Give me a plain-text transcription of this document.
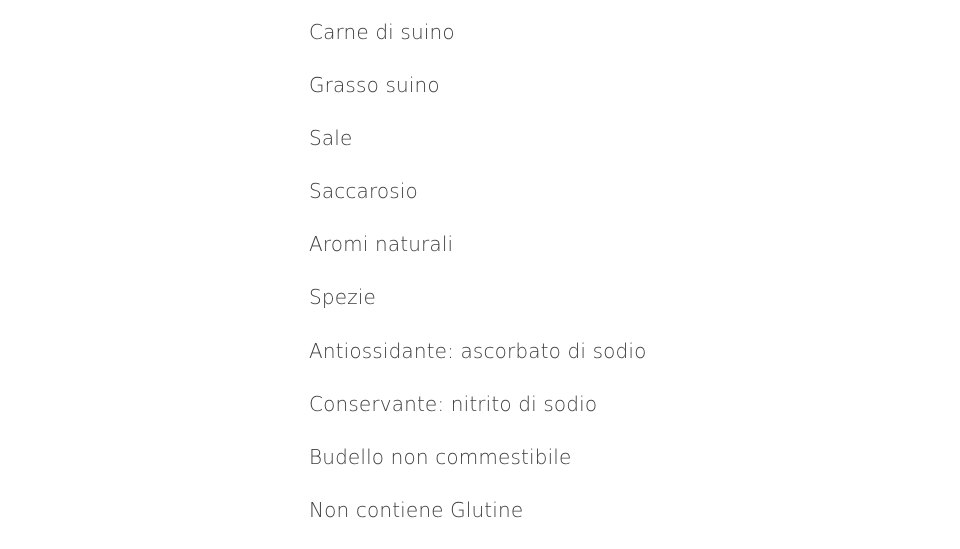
Carne di suino
Grasso suino
Sale
Saccarosio
Aromi naturali
Spezie
Antiossidante: ascorbato di sodio
Conservante: nitrito di sodio
Budello non commestibile
Non contiene Glutine
